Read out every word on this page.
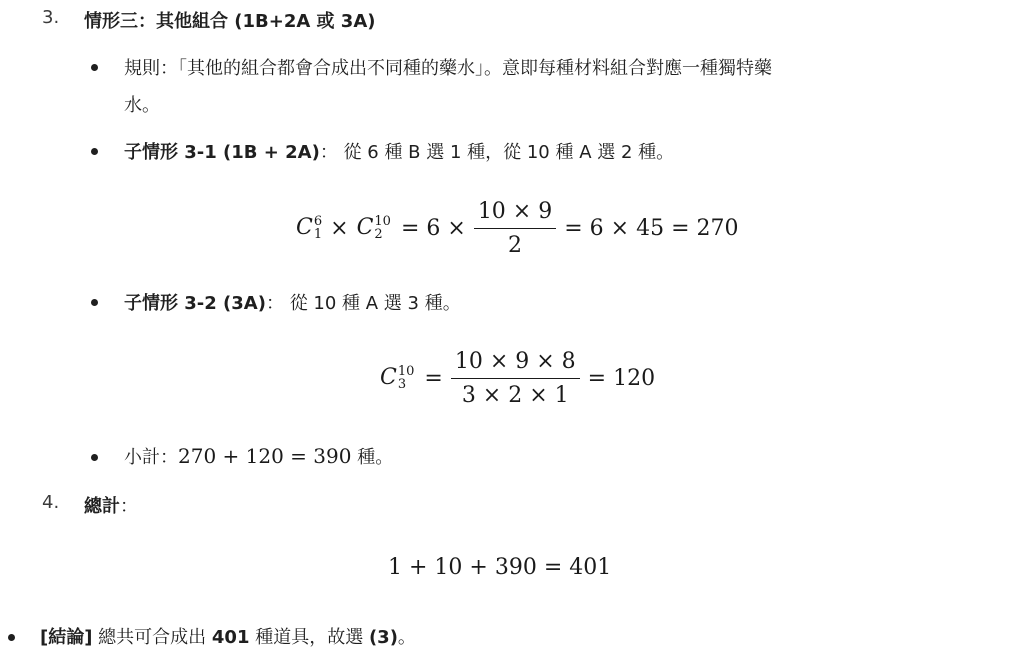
3. 情形三：其他組合 (1B+2A 或 3A)
規則：「其他的組合都會合成出不同種的藥水」。意即每種材料組合對應一種獨特藥
水。
子情形 3-1 (1B + 2A)： 從 6 種 B 選 1 種，從 10 種 A 選 2 種。
C 6
1 × C 10
$2 = 6 \times \frac{10 \times 9}{2} = 6 \times 45 = 270$
子情形 3-2 (3A)： 從 10 種 A 選 3 種。
C 10
$3 = \frac{10 \times 9 \times 8}{3 \times 2 \times 1} = 120$
小計：270 + 120 = 390 種。
4. 總計：
1 + 10 + 390 = 401
[結論] 總共可合成出 401 種道具，故選 (3)。
